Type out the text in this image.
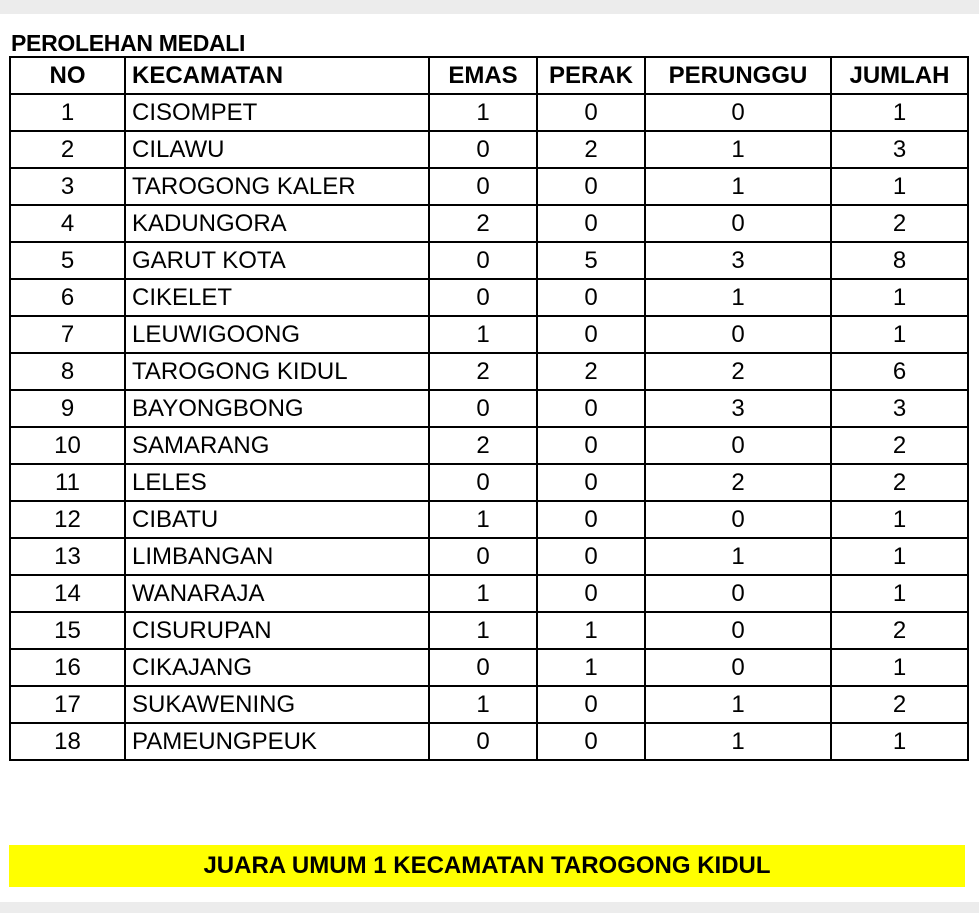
PEROLEHAN MEDALI
NO	KECAMATAN	EMAS	PERAK	PERUNGGU	JUMLAH
1	CISOMPET	1	0	0	1
2	CILAWU	0	2	1	3
3	TAROGONG KALER	0	0	1	1
4	KADUNGORA	2	0	0	2
5	GARUT KOTA	0	5	3	8
6	CIKELET	0	0	1	1
7	LEUWIGOONG	1	0	0	1
8	TAROGONG KIDUL	2	2	2	6
9	BAYONGBONG	0	0	3	3
10	SAMARANG	2	0	0	2
11	LELES	0	0	2	2
12	CIBATU	1	0	0	1
13	LIMBANGAN	0	0	1	1
14	WANARAJA	1	0	0	1
15	CISURUPAN	1	1	0	2
16	CIKAJANG	0	1	0	1
17	SUKAWENING	1	0	1	2
18	PAMEUNGPEUK	0	0	1	1
JUARA UMUM 1 KECAMATAN TAROGONG KIDUL
